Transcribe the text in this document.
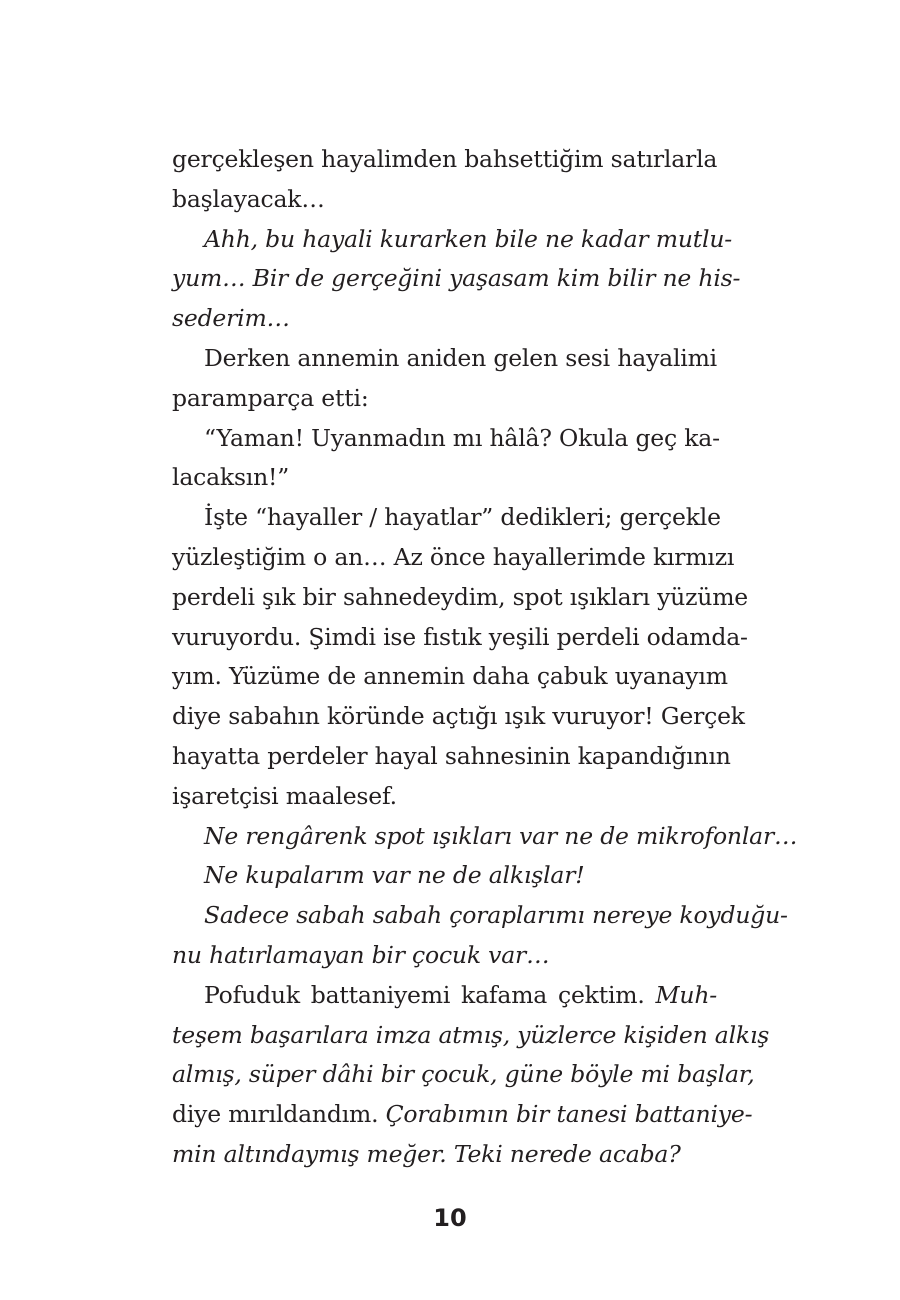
gerçekleşen hayalimden bahsettiğim satırlarla
başlayacak…

Ahh, bu hayali kurarken bile ne kadar mutlu-
yum… Bir de gerçeğini yaşasam kim bilir ne his-
sederim…

Derken annemin aniden gelen sesi hayalimi
paramparça etti:

“Yaman! Uyanmadın mı hâlâ? Okula geç ka-
lacaksın!”

İşte “hayaller / hayatlar” dedikleri; gerçekle
yüzleştiğim o an… Az önce hayallerimde kırmızı
perdeli şık bir sahnedeydim, spot ışıkları yüzüme
vuruyordu. Şimdi ise fıstık yeşili perdeli odamda-
yım. Yüzüme de annemin daha çabuk uyanayım
diye sabahın köründe açtığı ışık vuruyor! Gerçek
hayatta perdeler hayal sahnesinin kapandığının
işaretçisi maalesef.

Ne rengârenk spot ışıkları var ne de mikrofonlar…

Ne kupalarım var ne de alkışlar!

Sadece sabah sabah çoraplarımı nereye koyduğu-
nu hatırlamayan bir çocuk var…

Pofuduk battaniyemi kafama çektim. Muh-
teşem başarılara imza atmış, yüzlerce kişiden alkış
almış, süper dâhi bir çocuk, güne böyle mi başlar,
diye mırıldandım. Çorabımın bir tanesi battaniye-
min altındaymış meğer. Teki nerede acaba?

10
